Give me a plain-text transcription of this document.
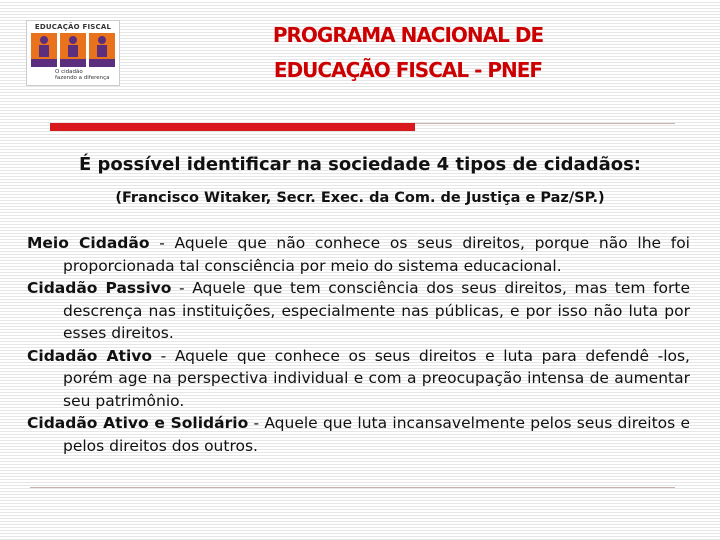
EDUCAÇÃO FISCAL
O cidadão
fazendo a diferença
PROGRAMA NACIONAL DE
EDUCAÇÃO FISCAL - PNEF
É possível identificar na sociedade 4 tipos de cidadãos:
(Francisco Witaker, Secr. Exec. da Com. de Justiça e Paz/SP.)
Meio Cidadão - Aquele que não conhece os seus direitos, porque não lhe foi proporcionada tal consciência por meio do sistema educacional.
Cidadão Passivo - Aquele que tem consciência dos seus direitos, mas tem forte descrença nas instituições, especialmente nas públicas, e por isso não luta por esses direitos.
Cidadão Ativo - Aquele que conhece os seus direitos e luta para defendê -los, porém age na perspectiva individual e com a preocupação intensa de aumentar seu patrimônio.
Cidadão Ativo e Solidário - Aquele que luta incansavelmente pelos seus direitos e pelos direitos dos outros.
